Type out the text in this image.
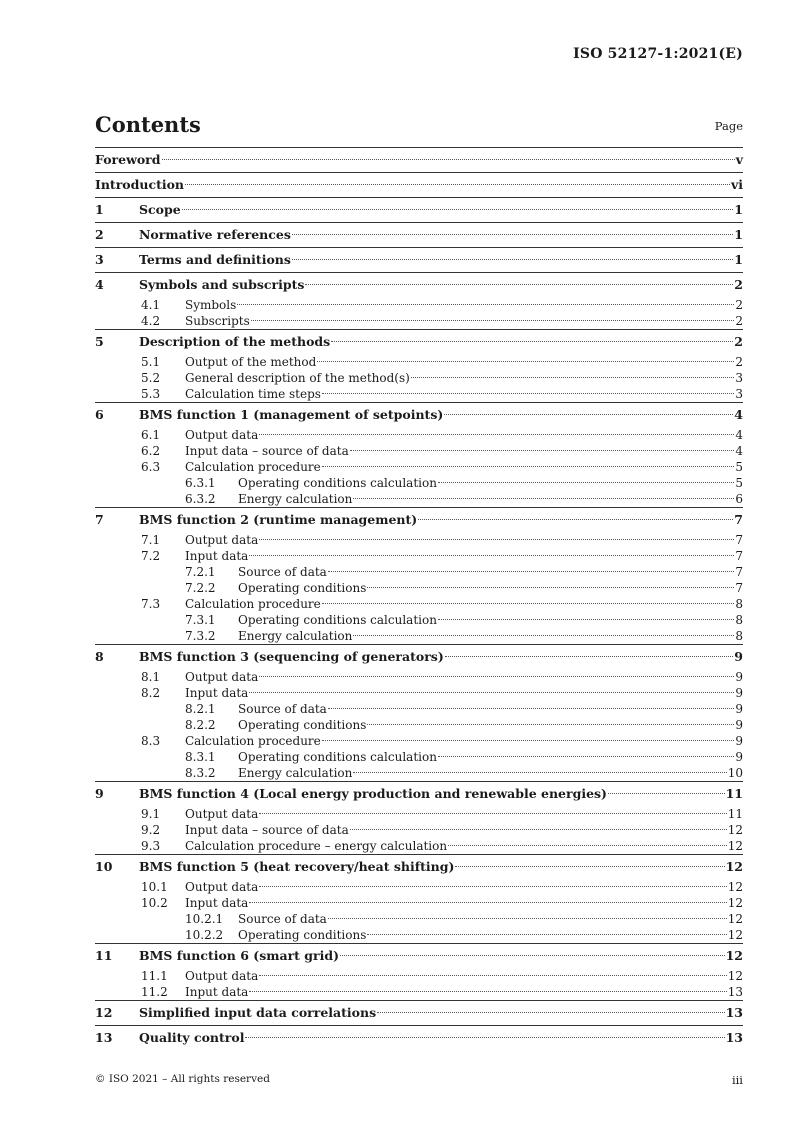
ISO 52127-1:2021(E)
Contents	Page
Foreword	v
Introduction	vi
1	Scope	1
2	Normative references	1
3	Terms and definitions	1
4	Symbols and subscripts	2
4.1	Symbols	2
4.2	Subscripts	2
5	Description of the methods	2
5.1	Output of the method	2
5.2	General description of the method(s)	3
5.3	Calculation time steps	3
6	BMS function 1 (management of setpoints)	4
6.1	Output data	4
6.2	Input data – source of data	4
6.3	Calculation procedure	5
6.3.1	Operating conditions calculation	5
6.3.2	Energy calculation	6
7	BMS function 2 (runtime management)	7
7.1	Output data	7
7.2	Input data	7
7.2.1	Source of data	7
7.2.2	Operating conditions	7
7.3	Calculation procedure	8
7.3.1	Operating conditions calculation	8
7.3.2	Energy calculation	8
8	BMS function 3 (sequencing of generators)	9
8.1	Output data	9
8.2	Input data	9
8.2.1	Source of data	9
8.2.2	Operating conditions	9
8.3	Calculation procedure	9
8.3.1	Operating conditions calculation	9
8.3.2	Energy calculation	10
9	BMS function 4 (Local energy production and renewable energies)	11
9.1	Output data	11
9.2	Input data – source of data	12
9.3	Calculation procedure – energy calculation	12
10	BMS function 5 (heat recovery/heat shifting)	12
10.1	Output data	12
10.2	Input data	12
10.2.1	Source of data	12
10.2.2	Operating conditions	12
11	BMS function 6 (smart grid)	12
11.1	Output data	12
11.2	Input data	13
12	Simplified input data correlations	13
13	Quality control	13
© ISO 2021 – All rights reserved	iii
